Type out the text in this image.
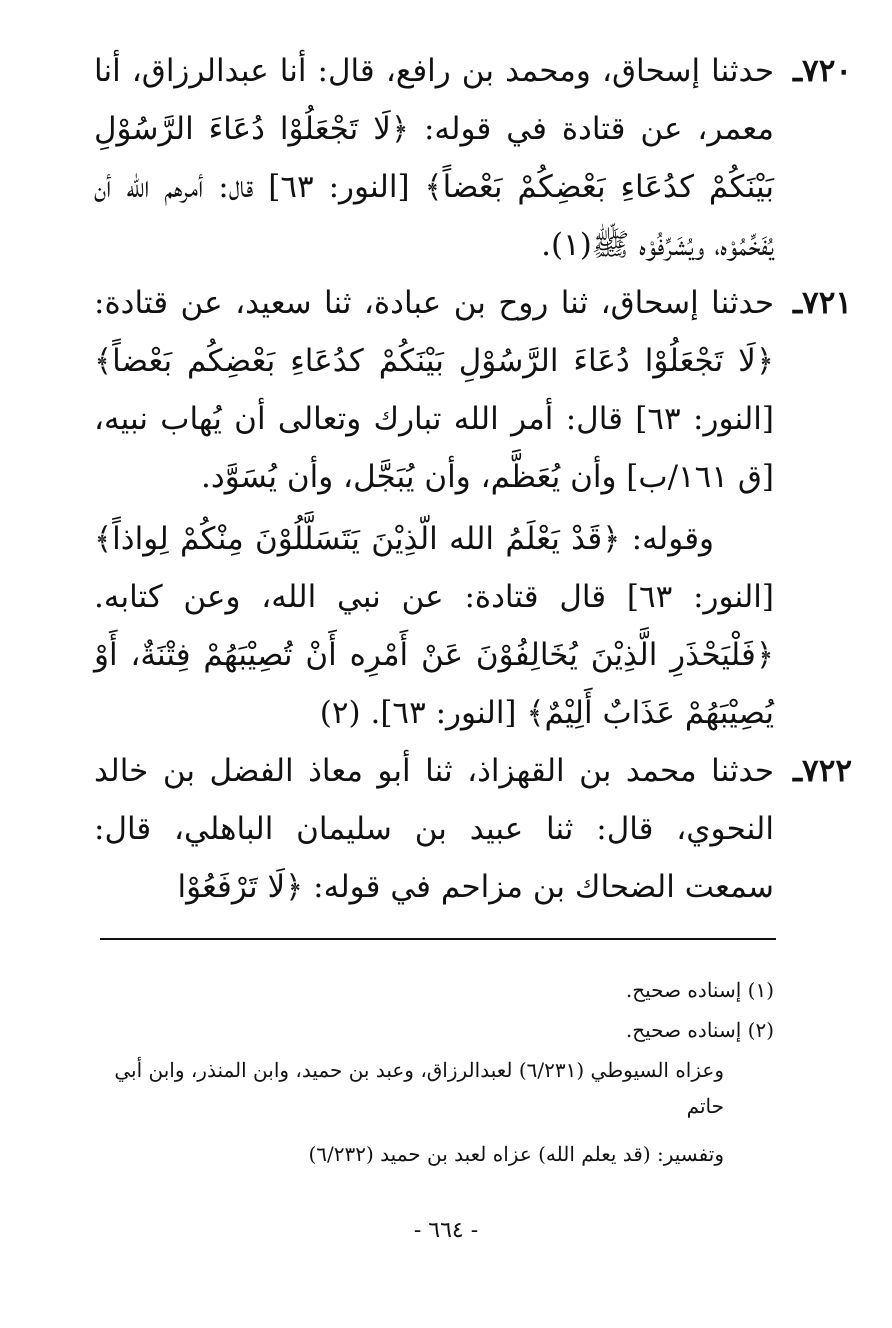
٧٢٠ـ
حدثنا إسحاق، ومحمد بن رافع، قال: أنا عبدالرزاق، أنا معمر، عن قتادة في قوله: ﴿لَا تَجْعَلُوْا دُعَاءَ الرَّسُوْلِ بَيْنَكُمْ كدُعَاءِ بَعْضِكُمْ بَعْضاً﴾ [النور: ٦٣] قال: أمرهم الله أن يُفَخِّمُوْه، ويُشَرِّفُوْه ﷺ(١).
٧٢١ـ
حدثنا إسحاق، ثنا روح بن عبادة، ثنا سعيد، عن قتادة: ﴿لَا تَجْعَلُوْا دُعَاءَ الرَّسُوْلِ بَيْنَكُمْ كدُعَاءِ بَعْضِكُم بَعْضاً﴾ [النور: ٦٣] قال: أمر الله تبارك وتعالى أن يُهاب نبيه، [ق ١٦١/ب] وأن يُعَظَّم، وأن يُبَجَّل، وأن يُسَوَّد.
وقوله: ﴿قَدْ يَعْلَمُ الله الّذِيْنَ يَتَسَلَّلُوْنَ مِنْكُمْ لِواذاً﴾ [النور: ٦٣] قال قتادة: عن نبي الله، وعن كتابه. ﴿فَلْيَحْذَرِ الَّذِيْنَ يُخَالِفُوْنَ عَنْ أَمْرِه أَنْ تُصِيْبَهُمْ فِتْنَةٌ، أَوْ يُصِيْبَهُمْ عَذَابٌ أَلِيْمٌ﴾ [النور: ٦٣]. (٢)
٧٢٢ـ
حدثنا محمد بن القهزاذ، ثنا أبو معاذ الفضل بن خالد النحوي، قال: ثنا عبيد بن سليمان الباهلي، قال: سمعت الضحاك بن مزاحم في قوله: ﴿لَا تَرْفَعُوْا
(١) إسناده صحيح.
(٢) إسناده صحيح.
وعزاه السيوطي (٦/٢٣١) لعبدالرزاق، وعبد بن حميد، وابن المنذر، وابن أبي حاتم
وتفسير: (قد يعلم الله) عزاه لعبد بن حميد (٦/٢٣٢)
- ٦٦٤ -
